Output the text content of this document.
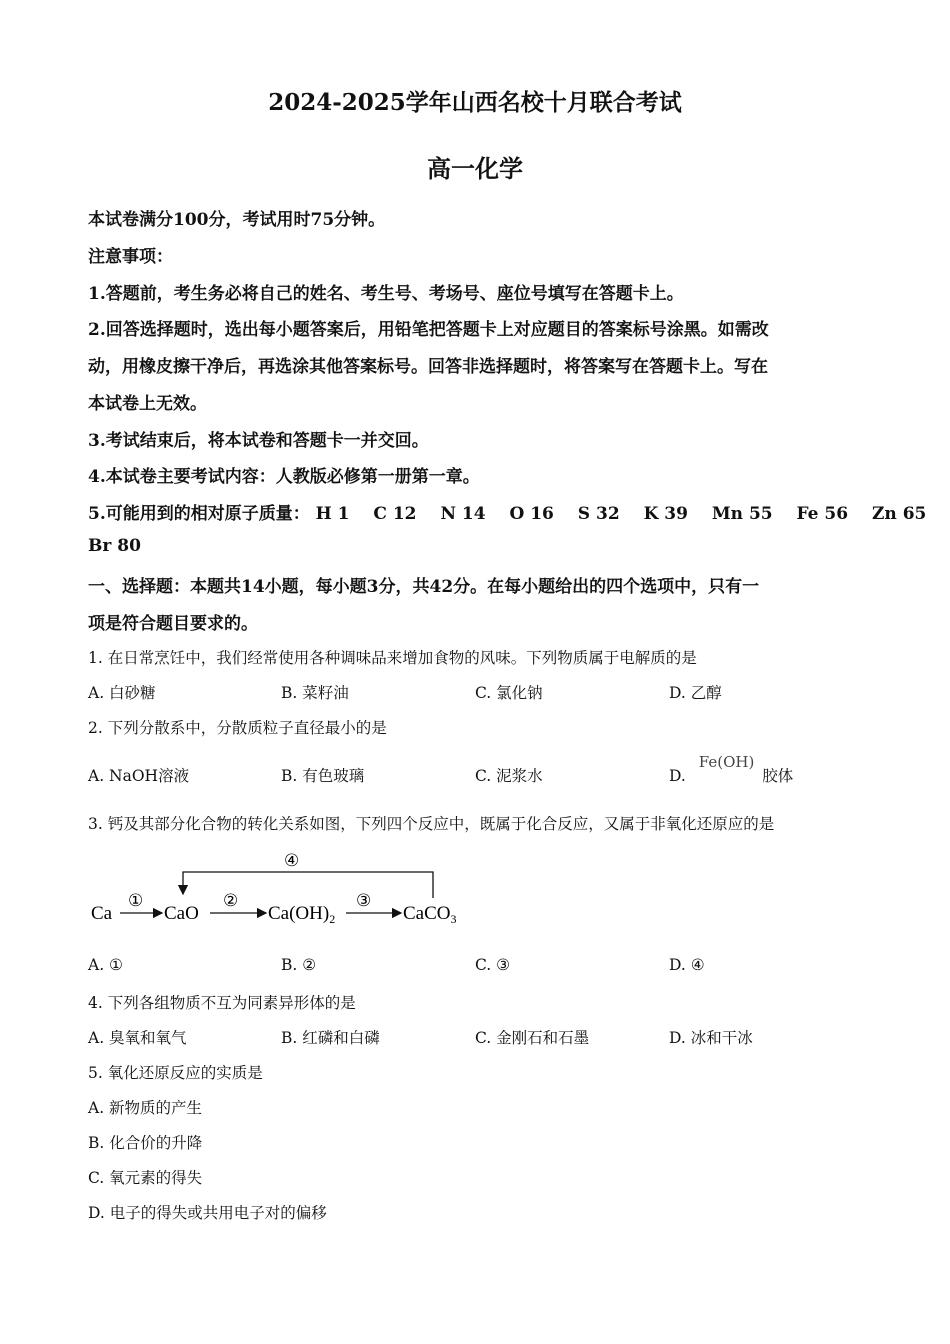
2024-2025学年山西名校十月联合考试
高一化学
本试卷满分100分，考试用时75分钟。
注意事项：
1.答题前，考生务必将自己的姓名、考生号、考场号、座位号填写在答题卡上。
2.回答选择题时，选出每小题答案后，用铅笔把答题卡上对应题目的答案标号涂黑。如需改
动，用橡皮擦干净后，再选涂其他答案标号。回答非选择题时，将答案写在答题卡上。写在
本试卷上无效。
3.考试结束后，将本试卷和答题卡一并交回。
4.本试卷主要考试内容：人教版必修第一册第一章。
5.可能用到的相对原子质量： H 1 C 12 N 14 O 16 S 32 K 39 Mn 55 Fe 56 Zn 65
Br 80
一、选择题：本题共14小题，每小题3分，共42分。在每小题给出的四个选项中，只有一
项是符合题目要求的。
1. 在日常烹饪中，我们经常使用各种调味品来增加食物的风味。下列物质属于电解质的是
A. 白砂糖	B. 菜籽油	C. 氯化钠	D. 乙醇
2. 下列分散系中，分散质粒子直径最小的是
A. NaOH溶液	B. 有色玻璃	C. 泥浆水	D. Fe(OH)胶体
3. 钙及其部分化合物的转化关系如图，下列四个反应中，既属于化合反应，又属于非氧化还原应的是
Ca
①
CaO
②
$Ca(OH)_2$
③
CaCO$_3$
④
A. ①	B. ②	C. ③	D. ④
4. 下列各组物质不互为同素异形体的是
A. 臭氧和氧气	B. 红磷和白磷	C. 金刚石和石墨	D. 冰和干冰
5. 氧化还原反应的实质是
A. 新物质的产生
B. 化合价的升降
C. 氧元素的得失
D. 电子的得失或共用电子对的偏移
